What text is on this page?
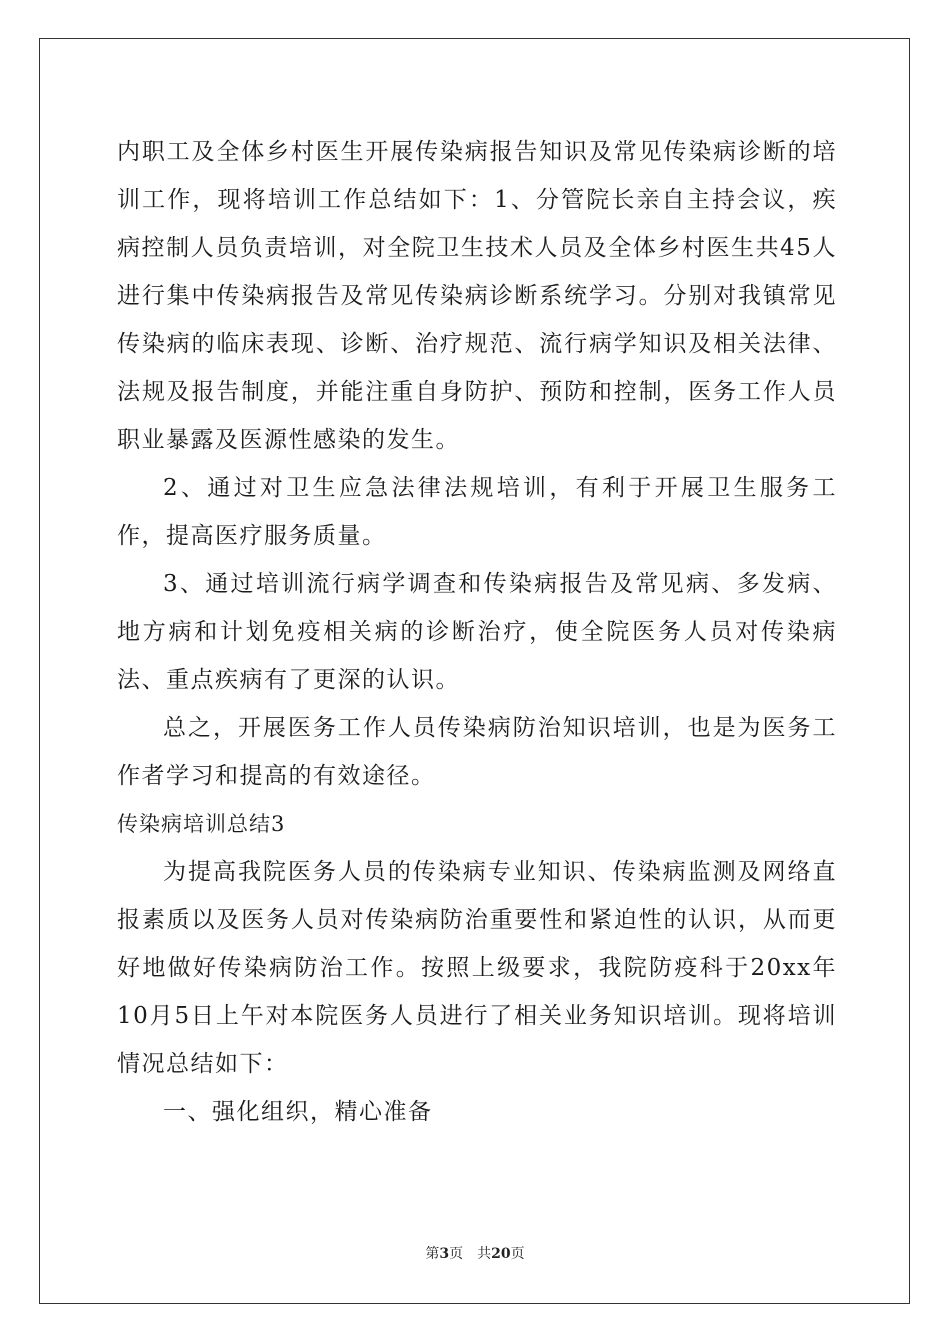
内职工及全体乡村医生开展传染病报告知识及常见传染病诊断的培训工作，现将培训工作总结如下：1、分管院长亲自主持会议，疾病控制人员负责培训，对全院卫生技术人员及全体乡村医生共45人进行集中传染病报告及常见传染病诊断系统学习。分别对我镇常见传染病的临床表现、诊断、治疗规范、流行病学知识及相关法律、法规及报告制度，并能注重自身防护、预防和控制，医务工作人员职业暴露及医源性感染的发生。

2、通过对卫生应急法律法规培训，有利于开展卫生服务工作，提高医疗服务质量。

3、通过培训流行病学调查和传染病报告及常见病、多发病、地方病和计划免疫相关病的诊断治疗，使全院医务人员对传染病法、重点疾病有了更深的认识。

总之，开展医务工作人员传染病防治知识培训，也是为医务工作者学习和提高的有效途径。

传染病培训总结3

为提高我院医务人员的传染病专业知识、传染病监测及网络直报素质以及医务人员对传染病防治重要性和紧迫性的认识，从而更好地做好传染病防治工作。按照上级要求，我院防疫科于20xx年10月5日上午对本院医务人员进行了相关业务知识培训。现将培训情况总结如下：

一、强化组织，精心准备

第3页 共20页
